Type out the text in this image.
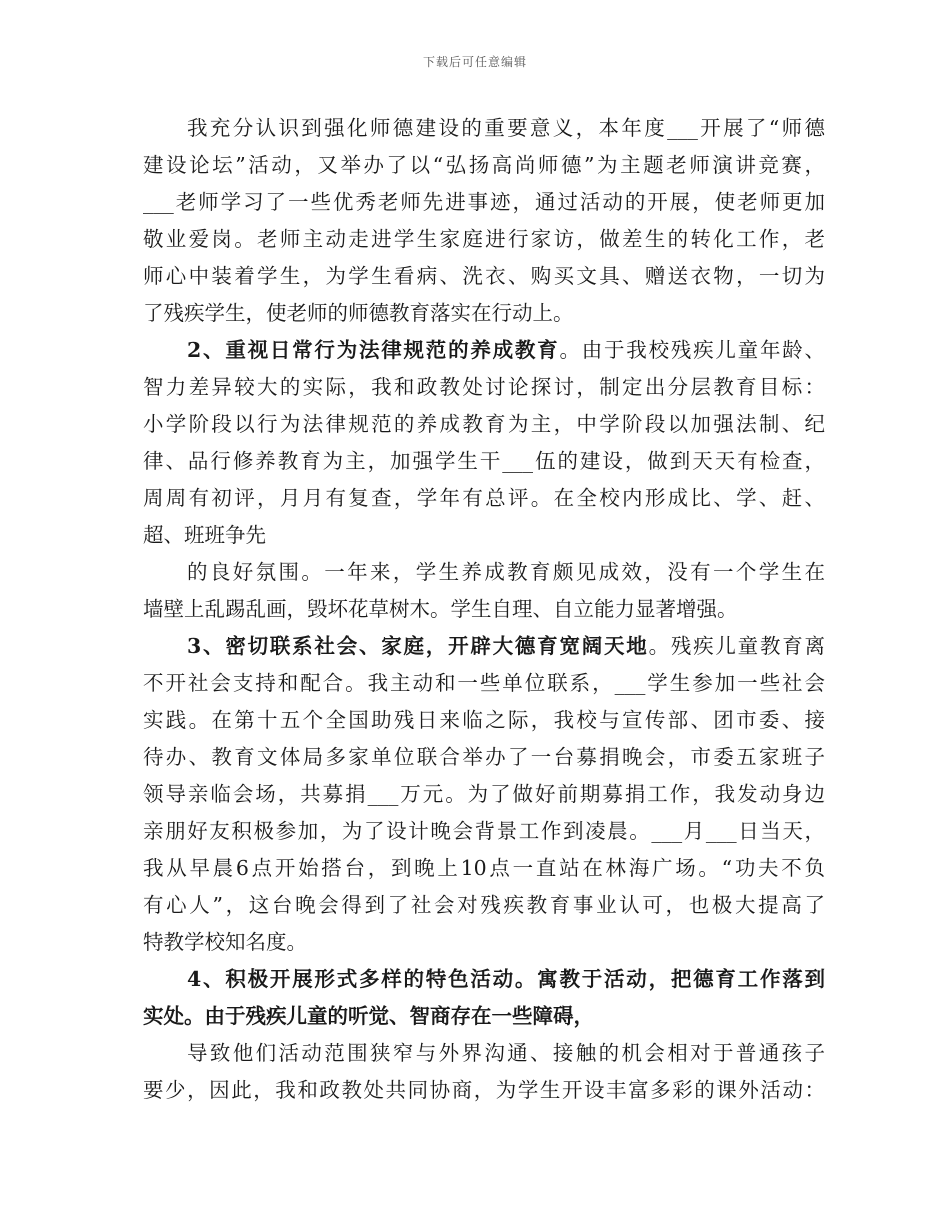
下载后可任意编辑
我充分认识到强化师德建设的重要意义，本年度___开展了“师德
建设论坛”活动，又举办了以“弘扬高尚师德”为主题老师演讲竞赛，
___老师学习了一些优秀老师先进事迹，通过活动的开展，使老师更加
敬业爱岗。老师主动走进学生家庭进行家访，做差生的转化工作，老
师心中装着学生，为学生看病、洗衣、购买文具、赠送衣物，一切为
了残疾学生，使老师的师德教育落实在行动上。
2、重视日常行为法律规范的养成教育。由于我校残疾儿童年龄、
智力差异较大的实际，我和政教处讨论探讨，制定出分层教育目标：
小学阶段以行为法律规范的养成教育为主，中学阶段以加强法制、纪
律、品行修养教育为主，加强学生干___伍的建设，做到天天有检查，
周周有初评，月月有复查，学年有总评。在全校内形成比、学、赶、
超、班班争先
的良好氛围。一年来，学生养成教育颇见成效，没有一个学生在
墙壁上乱踢乱画，毁坏花草树木。学生自理、自立能力显著增强。
3、密切联系社会、家庭，开辟大德育宽阔天地。残疾儿童教育离
不开社会支持和配合。我主动和一些单位联系，___学生参加一些社会
实践。在第十五个全国助残日来临之际，我校与宣传部、团市委、接
待办、教育文体局多家单位联合举办了一台募捐晚会，市委五家班子
领导亲临会场，共募捐___万元。为了做好前期募捐工作，我发动身边
亲朋好友积极参加，为了设计晚会背景工作到凌晨。___月___日当天，
我从早晨6点开始搭台，到晚上10点一直站在林海广场。“功夫不负
有心人”，这台晚会得到了社会对残疾教育事业认可，也极大提高了
特教学校知名度。
4、积极开展形式多样的特色活动。寓教于活动，把德育工作落到
实处。由于残疾儿童的听觉、智商存在一些障碍，
导致他们活动范围狭窄与外界沟通、接触的机会相对于普通孩子
要少，因此，我和政教处共同协商，为学生开设丰富多彩的课外活动：
